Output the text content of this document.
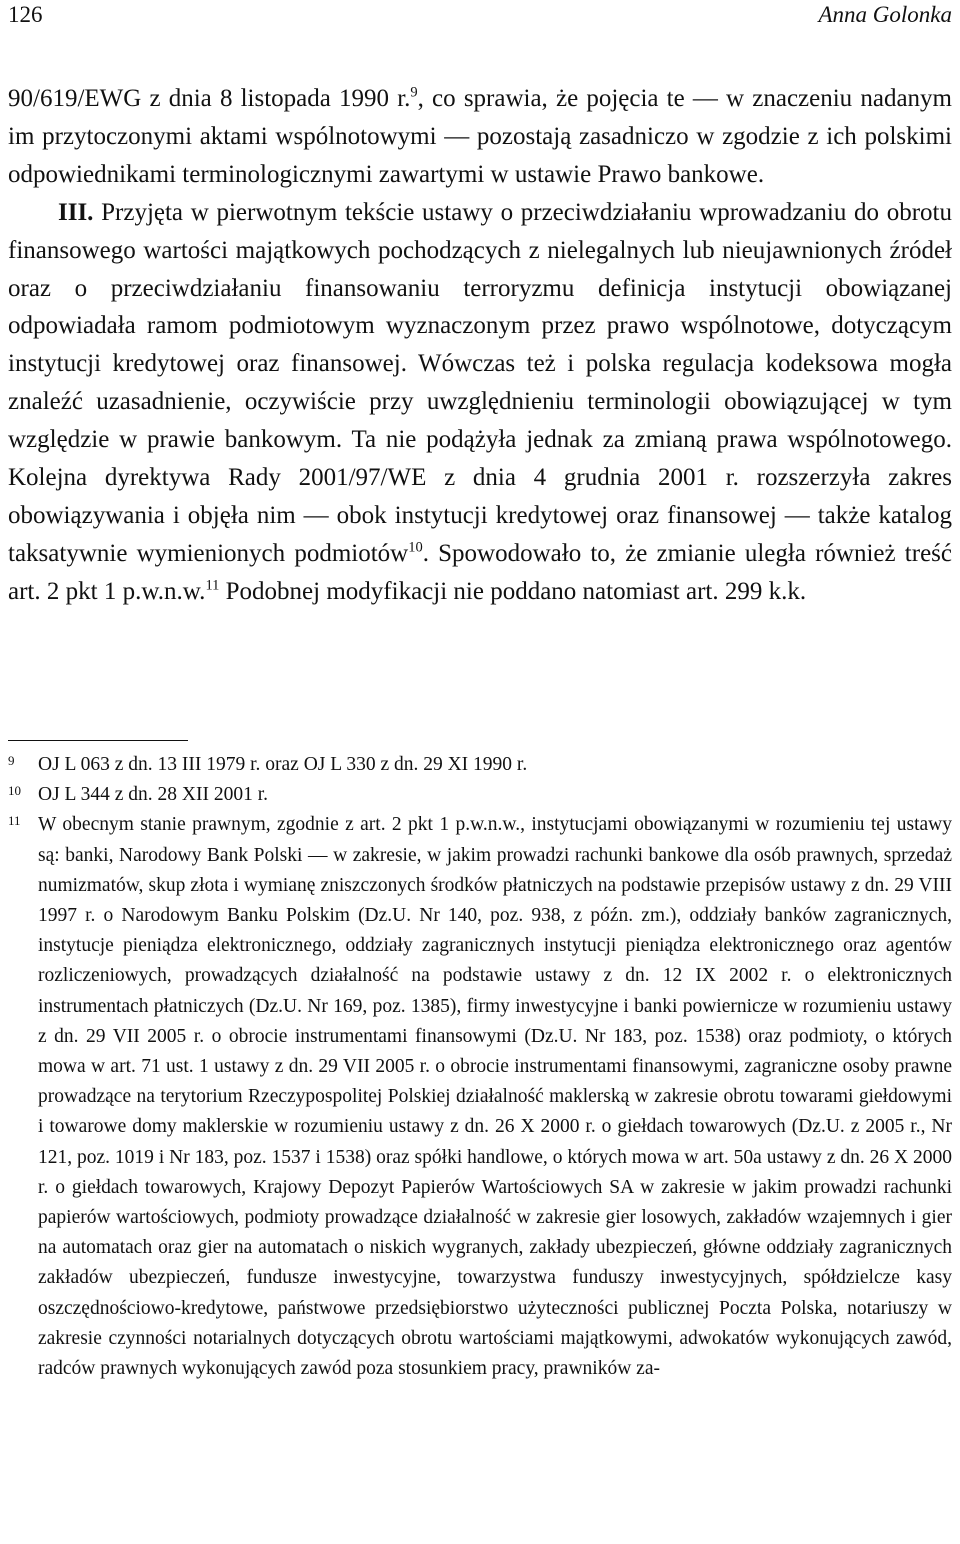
126	Anna Golonka

90/619/EWG z dnia 8 listopada 1990 r.$^9$, co sprawia, że pojęcia te — w znaczeniu nadanym im przytoczonymi aktami wspólnotowymi — pozostają zasadniczo w zgodzie z ich polskimi odpowiednikami terminologicznymi zawartymi w ustawie Prawo bankowe.

III. Przyjęta w pierwotnym tekście ustawy o przeciwdziałaniu wprowadzaniu do obrotu finansowego wartości majątkowych pochodzących z nielegalnych lub nieujawnionych źródeł oraz o przeciwdziałaniu finansowaniu terroryzmu definicja instytucji obowiązanej odpowiadała ramom podmiotowym wyznaczonym przez prawo wspólnotowe, dotyczącym instytucji kredytowej oraz finansowej. Wówczas też i polska regulacja kodeksowa mogła znaleźć uzasadnienie, oczywiście przy uwzględnieniu terminologii obowiązującej w tym względzie w prawie bankowym. Ta nie podążyła jednak za zmianą prawa wspólnotowego. Kolejna dyrektywa Rady 2001/97/WE z dnia 4 grudnia 2001 r. rozszerzyła zakres obowiązywania i objęła nim — obok instytucji kredytowej oraz finansowej — także katalog taksatywnie wymienionych podmiotów$^{10}$. Spowodowało to, że zmianie uległa również treść art. 2 pkt 1 p.w.n.w.$^{11}$ Podobnej modyfikacji nie poddano natomiast art. 299 k.k.

9 OJ L 063 z dn. 13 III 1979 r. oraz OJ L 330 z dn. 29 XI 1990 r.
10 OJ L 344 z dn. 28 XII 2001 r.
11 W obecnym stanie prawnym, zgodnie z art. 2 pkt 1 p.w.n.w., instytucjami obowiązanymi w rozumieniu tej ustawy są: banki, Narodowy Bank Polski — w zakresie, w jakim prowadzi rachunki bankowe dla osób prawnych, sprzedaż numizmatów, skup złota i wymianę zniszczonych środków płatniczych na podstawie przepisów ustawy z dn. 29 VIII 1997 r. o Narodowym Banku Polskim (Dz.U. Nr 140, poz. 938, z późn. zm.), oddziały banków zagranicznych, instytucje pieniądza elektronicznego, oddziały zagranicznych instytucji pieniądza elektronicznego oraz agentów rozliczeniowych, prowadzących działalność na podstawie ustawy z dn. 12 IX 2002 r. o elektronicznych instrumentach płatniczych (Dz.U. Nr 169, poz. 1385), firmy inwestycyjne i banki powiernicze w rozumieniu ustawy z dn. 29 VII 2005 r. o obrocie instrumentami finansowymi (Dz.U. Nr 183, poz. 1538) oraz podmioty, o których mowa w art. 71 ust. 1 ustawy z dn. 29 VII 2005 r. o obrocie instrumentami finansowymi, zagraniczne osoby prawne prowadzące na terytorium Rzeczypospolitej Polskiej działalność maklerską w zakresie obrotu towarami giełdowymi i towarowe domy maklerskie w rozumieniu ustawy z dn. 26 X 2000 r. o giełdach towarowych (Dz.U. z 2005 r., Nr 121, poz. 1019 i Nr 183, poz. 1537 i 1538) oraz spółki handlowe, o których mowa w art. 50a ustawy z dn. 26 X 2000 r. o giełdach towarowych, Krajowy Depozyt Papierów Wartościowych SA w zakresie w jakim prowadzi rachunki papierów wartościowych, podmioty prowadzące działalność w zakresie gier losowych, zakładów wzajemnych i gier na automatach oraz gier na automatach o niskich wygranych, zakłady ubezpieczeń, główne oddziały zagranicznych zakładów ubezpieczeń, fundusze inwestycyjne, towarzystwa funduszy inwestycyjnych, spółdzielcze kasy oszczędnościowo-kredytowe, państwowe przedsiębiorstwo użyteczności publicznej Poczta Polska, notariuszy w zakresie czynności notarialnych dotyczących obrotu wartościami majątkowymi, adwokatów wykonujących zawód, radców prawnych wykonujących zawód poza stosunkiem pracy, prawników za-
